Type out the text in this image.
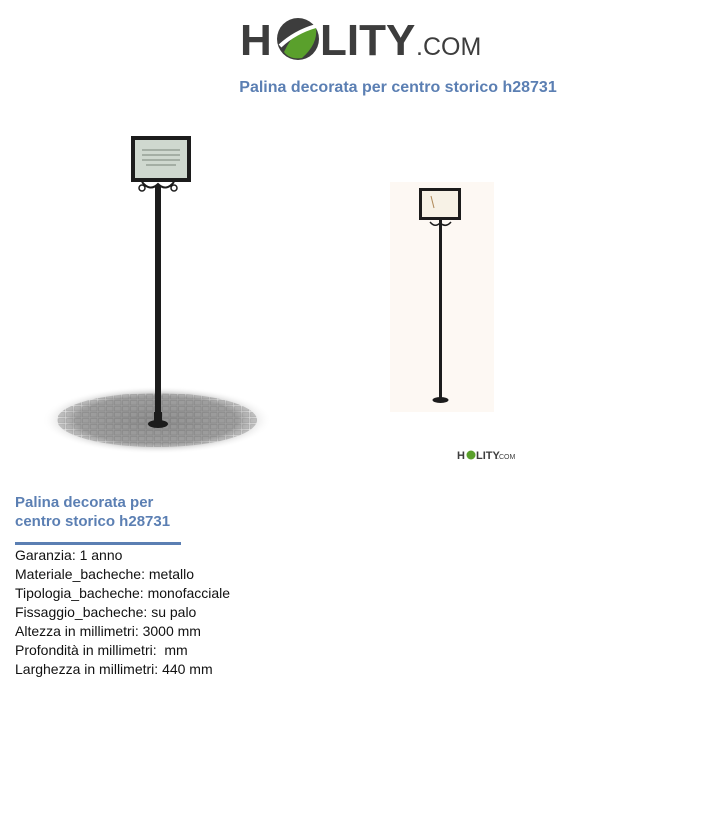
H LITY .COM
Palina decorata per centro storico h28731
H LITY
.COM
Palina decorata per centro storico h28731
Garanzia: 1 anno
Materiale_bacheche: metallo
Tipologia_bacheche: monofacciale
Fissaggio_bacheche: su palo
Altezza in millimetri: 3000 mm
Profondità in millimetri:  mm
Larghezza in millimetri: 440 mm
